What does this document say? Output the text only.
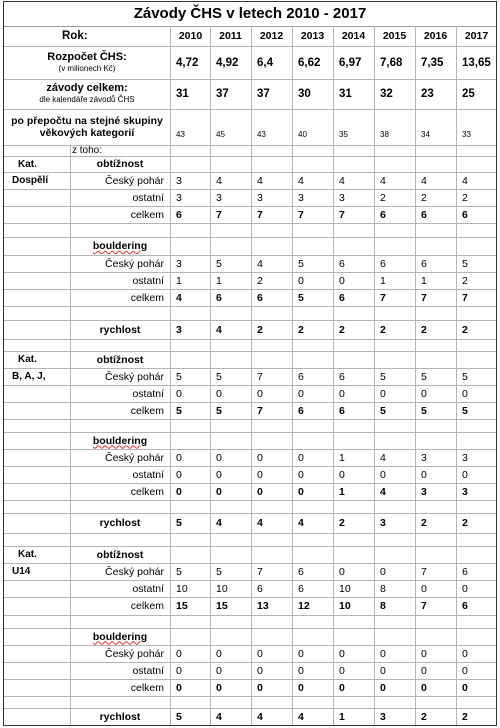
Závody ČHS v letech 2010 - 2017
Rok:	2010	2011	2012	2013	2014	2015	2016	2017
Rozpočet ČHS:
(v milionech Kč)	4,72	4,92	6,4	6,62	6,97	7,68	7,35	13,65
závody celkem:
dle kalendáře závodů ČHS	31	37	37	30	31	32	23	25
po přepočtu na stejné skupiny
věkových kategorií	43	45	43	40	35	38	34	33
z toho:
Kat.	obtížnost
Dospělí	Český pohár	3	4	4	4	4	4	4	4
ostatní	3	3	3	3	3	2	2	2
celkem	6	7	7	7	7	6	6	6
bouldering
Český pohár	3	5	4	5	6	6	6	5
ostatní	1	1	2	0	0	1	1	2
celkem	4	6	6	5	6	7	7	7
rychlost	3	4	2	2	2	2	2	2
Kat.	obtížnost
B, A, J,	Český pohár	5	5	7	6	6	5	5	5
ostatní	0	0	0	0	0	0	0	0
celkem	5	5	7	6	6	5	5	5
bouldering
Český pohár	0	0	0	0	1	4	3	3
ostatní	0	0	0	0	0	0	0	0
celkem	0	0	0	0	1	4	3	3
rychlost	5	4	4	4	2	3	2	2
Kat.	obtížnost
U14	Český pohár	5	5	7	6	0	0	7	6
ostatní	10	10	6	6	10	8	0	0
celkem	15	15	13	12	10	8	7	6
bouldering
Český pohár	0	0	0	0	0	0	0	0
ostatní	0	0	0	0	0	0	0	0
celkem	0	0	0	0	0	0	0	0
rychlost	5	4	4	4	1	3	2	2
